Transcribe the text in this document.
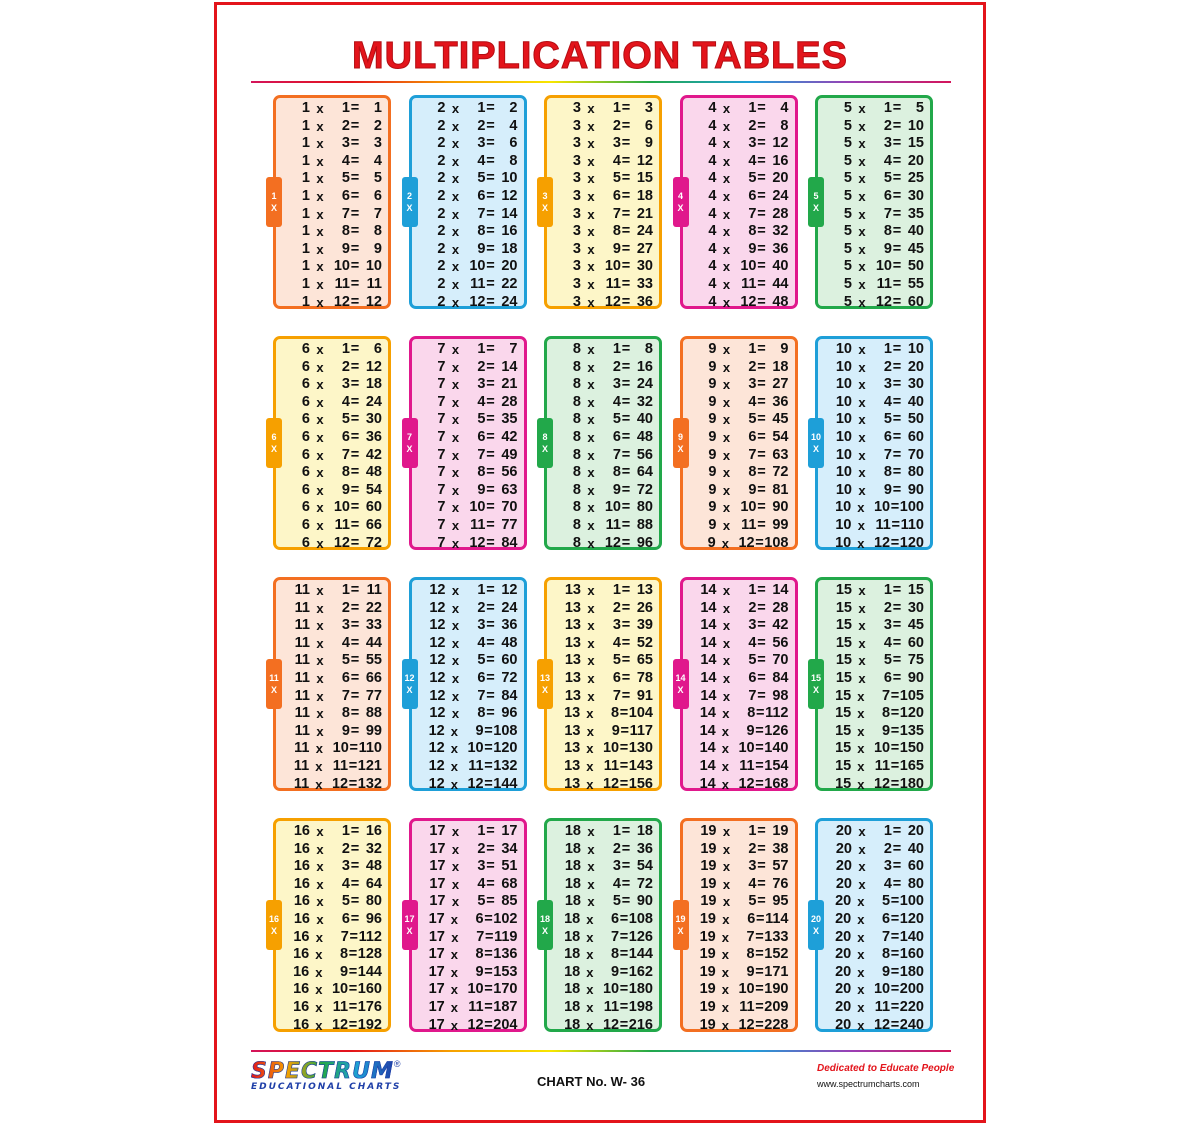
MULTIPLICATION TABLES
1
X
1 x	1 =	1
1 x	2 =	2
1 x	3 =	3
1 x	4 =	4
1 x	5 =	5
1 x	6 =	6
1 x	7 =	7
1 x	8 =	8
1 x	9 =	9
1 x 10 = 10
1 x 11 = 11
1 x 12 = 12
2
X
2 x	1 =	2
2 x	2 =	4
2 x	3 =	6
2 x	4 =	8
2 x	5 = 10
2 x	6 = 12
2 x	7 = 14
2 x	8 = 16
2 x	9 = 18
2 x 10 = 20
2 x 11 = 22
2 x 12 = 24
3
X
3 x	1 =	3
3 x	2 =	6
3 x	3 =	9
3 x	4 = 12
3 x	5 = 15
3 x	6 = 18
3 x	7 = 21
3 x	8 = 24
3 x	9 = 27
3 x 10 = 30
3 x 11 = 33
3 x 12 = 36
4
X
4 x	1 =	4
4 x	2 =	8
4 x	3 = 12
4 x	4 = 16
4 x	5 = 20
4 x	6 = 24
4 x	7 = 28
4 x	8 = 32
4 x	9 = 36
4 x 10 = 40
4 x 11 = 44
4 x 12 = 48
5
X
5 x	1 =	5
5 x	2 = 10
5 x	3 = 15
5 x	4 = 20
5 x	5 = 25
5 x	6 = 30
5 x	7 = 35
5 x	8 = 40
5 x	9 = 45
5 x 10 = 50
5 x 11 = 55
5 x 12 = 60
6
X
6 x	1 =	6
6 x	2 = 12
6 x	3 = 18
6 x	4 = 24
6 x	5 = 30
6 x	6 = 36
6 x	7 = 42
6 x	8 = 48
6 x	9 = 54
6 x 10 = 60
6 x 11 = 66
6 x 12 = 72
7
X
7 x	1 =	7
7 x	2 = 14
7 x	3 = 21
7 x	4 = 28
7 x	5 = 35
7 x	6 = 42
7 x	7 = 49
7 x	8 = 56
7 x	9 = 63
7 x 10 = 70
7 x 11 = 77
7 x 12 = 84
8
X
8 x	1 =	8
8 x	2 = 16
8 x	3 = 24
8 x	4 = 32
8 x	5 = 40
8 x	6 = 48
8 x	7 = 56
8 x	8 = 64
8 x	9 = 72
8 x 10 = 80
8 x 11 = 88
8 x 12 = 96
9
X
9 x	1 =	9
9 x	2 = 18
9 x	3 = 27
9 x	4 = 36
9 x	5 = 45
9 x	6 = 54
9 x	7 = 63
9 x	8 = 72
9 x	9 = 81
9 x 10 = 90
9 x 11 = 99
9 x 12 = 108
10
X
10 x	1 = 10
10 x	2 = 20
10 x	3 = 30
10 x	4 = 40
10 x	5 = 50
10 x	6 = 60
10 x	7 = 70
10 x	8 = 80
10 x	9 = 90
10 x 10 = 100
10 x 11 = 110
10 x 12 = 120
11
X
11 x	1 = 11
11 x	2 = 22
11 x	3 = 33
11 x	4 = 44
11 x	5 = 55
11 x	6 = 66
11 x	7 = 77
11 x	8 = 88
11 x	9 = 99
11 x 10 = 110
11 x 11 = 121
11 x 12 = 132
12
X
12 x	1 = 12
12 x	2 = 24
12 x	3 = 36
12 x	4 = 48
12 x	5 = 60
12 x	6 = 72
12 x	7 = 84
12 x	8 = 96
12 x	9 = 108
12 x 10 = 120
12 x 11 = 132
12 x 12 = 144
13
X
13 x	1 = 13
13 x	2 = 26
13 x	3 = 39
13 x	4 = 52
13 x	5 = 65
13 x	6 = 78
13 x	7 = 91
13 x	8 = 104
13 x	9 = 117
13 x 10 = 130
13 x 11 = 143
13 x 12 = 156
14
X
14 x	1 = 14
14 x	2 = 28
14 x	3 = 42
14 x	4 = 56
14 x	5 = 70
14 x	6 = 84
14 x	7 = 98
14 x	8 = 112
14 x	9 = 126
14 x 10 = 140
14 x 11 = 154
14 x 12 = 168
15
X
15 x	1 = 15
15 x	2 = 30
15 x	3 = 45
15 x	4 = 60
15 x	5 = 75
15 x	6 = 90
15 x	7 = 105
15 x	8 = 120
15 x	9 = 135
15 x 10 = 150
15 x 11 = 165
15 x 12 = 180
16
X
16 x	1 = 16
16 x	2 = 32
16 x	3 = 48
16 x	4 = 64
16 x	5 = 80
16 x	6 = 96
16 x	7 = 112
16 x	8 = 128
16 x	9 = 144
16 x 10 = 160
16 x 11 = 176
16 x 12 = 192
17
X
17 x	1 = 17
17 x	2 = 34
17 x	3 = 51
17 x	4 = 68
17 x	5 = 85
17 x	6 = 102
17 x	7 = 119
17 x	8 = 136
17 x	9 = 153
17 x 10 = 170
17 x 11 = 187
17 x 12 = 204
18
X
18 x	1 = 18
18 x	2 = 36
18 x	3 = 54
18 x	4 = 72
18 x	5 = 90
18 x	6 = 108
18 x	7 = 126
18 x	8 = 144
18 x	9 = 162
18 x 10 = 180
18 x 11 = 198
18 x 12 = 216
19
X
19 x	1 = 19
19 x	2 = 38
19 x	3 = 57
19 x	4 = 76
19 x	5 = 95
19 x	6 = 114
19 x	7 = 133
19 x	8 = 152
19 x	9 = 171
19 x 10 = 190
19 x 11 = 209
19 x 12 = 228
20
X
20 x	1 = 20
20 x	2 = 40
20 x	3 = 60
20 x	4 = 80
20 x	5 = 100
20 x	6 = 120
20 x	7 = 140
20 x	8 = 160
20 x	9 = 180
20 x 10 = 200
20 x 11 = 220
20 x 12 = 240
SPECTRUM®
EDUCATIONAL CHARTS	CHART No. W- 36
Dedicated to Educate People
www.spectrumcharts.com
